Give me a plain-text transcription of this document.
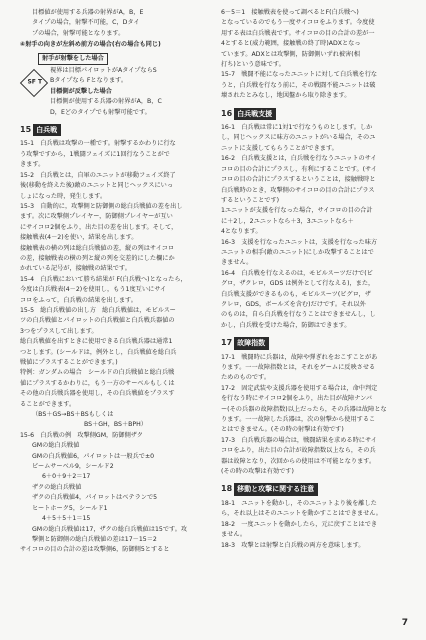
目標値が使用する兵器の射界がA，B，E

タイプの場合，射撃不可能，C，Dタイ

プの場合，射撃可能となります。

④射手の向きが左斜め前方の場合(右の場合も同じ)

SF T
射手が射撃をした場合

視界は目標パイロットがAタイプならS

Bタイプなら Fとなります。

目標側が反撃した場合

目標側が使用する兵器の射界がA，B，C

D，Eどのタイプでも射撃可能です。

15 白兵戦

15-1　白兵戦は攻撃の一種です。射撃するかわりに行な

う攻撃ですから，1戦闘フェイズに1回行なうことがで

きます。

15-2　白兵戦とは，自軍のユニットが移動フェイズ終了

後(移動を終えた後)敵のユニットと同じヘックスにいっ

しょになった時，発生します。

15-3　自動的に，攻撃側と防御側の総白兵戦値の差を出し

ます。次に攻撃側プレイヤー，防御側プレイヤーが互い

にサイコロ2個をふり，出た目の差を出します。そして，

接触戦表(4－2)を使い，結果を出します。

接触戦表の横の列は総白兵戦値の差，縦の列はサイコロ

の差，接触戦表の横の列と縦の列を交差的にした欄にか

かれている記号が，接触戦の結果です。

15-4　白兵戦において勝ち結果が F(白兵戦へ)となったら，

今度は白兵戦表(4－2)を使用し，もう1度互いにサイ

コロをふって，白兵戦の結果を出します。

15-5　総白兵戦値の出し方　総白兵戦値は，モビルスー

ツの白兵戦値とパイロットの白兵戦値と白兵戦兵器値の

3つをプラスして出します。

総白兵戦値を出すときに使用できる白兵戦兵器は通常1

つとします。(シールドは，例外とし，白兵戦値を総白兵

戦値にプラスすることができます。)

特例：ガンダムの場合　シールドの白兵戦値と総白兵戦

値にプラスするかわりに，もう一方のサーベルもしくは

その他の白兵戦兵器を使用し，その白兵戦値をプラスす

ることができます。

（BS＋GS→BS＋BSもしくは

BS＋GH，BS＋BPH）

15-6　白兵戦の例　攻撃側GM，防御側ザク

GMの総白兵戦値

GMの白兵戦値6，パイロットは一般兵で±0

ビームサーベル9，シールド2

6＋0＋9＋2＝17

ザクの総白兵戦値

ザクの白兵戦値4，パイロットはベテランで5

ヒートホーク5，シールド1

4＋5＋5＋1＝15

GMの総白兵戦値は17，ザクの総白兵戦値は15です。攻

撃側と防御側の総白兵戦値の差は17－15＝2

サイコロの目の合計の差は攻撃側6，防御側5とすると

6－5＝1　接触戦表を使って調べるとF(白兵戦へ)

となっているのでもう一度サイコロをふります。今度使

用する表は白兵戦表です。サイコロの目の合計の差が一

4とすると(威力範囲，接触戦の終了時)ADXとなっ

ています。ADXとは攻撃側，防御側いずれ被害(相

打ち)という意味です。

15-7　戦闘不能になったユニットに対して白兵戦を行な

うと，白兵戦を行なう前に，その戦闘不能ユニットは破

壊されたとみなし，地図盤から取り除きます。

16 白兵戦支援

16-1　白兵戦は常に1対1で行なうものとします。しか

し，同じヘックスに味方のユニットがいる場合，そのユ

ニットに支援してもらうことができます。

16-2　白兵戦支援とは，白兵戦を行なうユニットのサイ

コロの目の合計にプラスし，有利にすることです。(サイ

コロの目の合計にプラスするということは，接触戦時と

白兵戦時のとき，攻撃側のサイコロの目の合計にプラス

するということです)

1ユニットが支援を行なった場合，サイコロの目の合計

に＋2し，2ユニットなら＋3，3ユニットなら＋

4となります。

16-3　支援を行なったユニットは，支援を行なった味方

ユニットの相手(敵のユニット)にしか攻撃することはで

きません。

16-4　白兵戦を行なえるのは，モビルスーツだけで(ビ

グロ，ザクレロ，GDS は例外として行なえる)，また，

白兵戦支援ができるものも，モビルスーツ(ビグロ，ザ

クレロ，GDS，ボールズを含む)だけです。それ以外

のものは，自ら白兵戦を行なうことはできませんし，し

かし，白兵戦を受けた場合，防御はできます。

17 故障指数

17-1　戦闘時に兵器は，故障や弾ぎれをおこすことがあ

ります。一一故障指数とは，それをゲームに反映させる

ためのものです。

17-2　固定武装や支援兵器を使用する場合は，命中判定

を行なう時にサイコロ2個をふり，出た目が故障ナンバ

ー(その兵器の故障指数)以上だったら，その兵器は故障とな

ります。一一故障した兵器は，次の射撃から使用するこ

とはできません。(その時の射撃は有効です)

17-3　白兵戦兵器の場合は，戦闘結果を求める時にサイ

コロをふり，出た目の合計が故障指数以上なら，その兵

器は故障となり，次回からの使用は不可能となります。

(その時の攻撃は有効です)

18 移動と攻撃に関する注意

18-1　ユニットを動かし，そのユニットより後を離した

ら，それ以上はそのユニットを動かすことはできません。

18-2　一度ユニットを動かしたら，元に戻すことはでき

ません。

18-3　攻撃とは射撃と白兵戦の両方を意味します。

7
